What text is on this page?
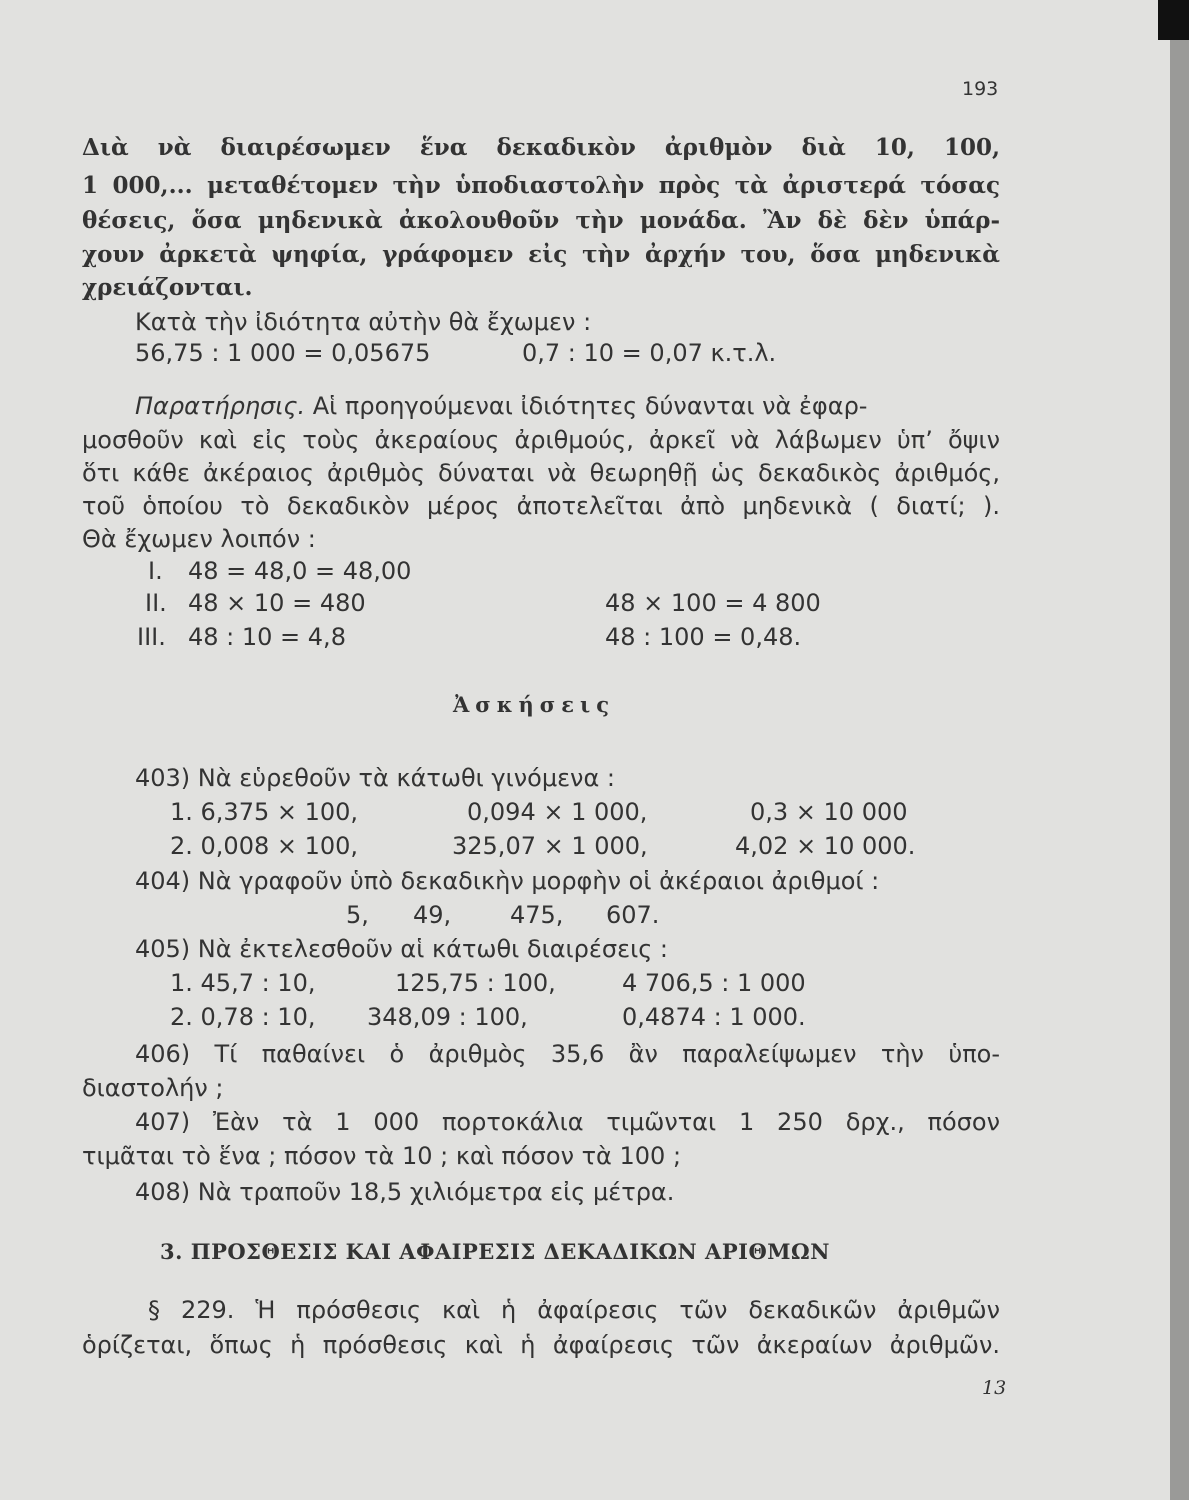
193
Διὰ νὰ διαιρέσωμεν ἕνα δεκαδικὸν ἀριθμὸν διὰ 10, 100,
1 000,... μεταθέτομεν τὴν ὑποδιαστολὴν πρὸς τὰ ἀριστερά τόσας
θέσεις, ὅσα μηδενικὰ ἀκολουθοῦν τὴν μονάδα. Ἂν δὲ δὲν ὑπάρ-
χουν ἀρκετὰ ψηφία, γράφομεν εἰς τὴν ἀρχήν του, ὅσα μηδενικὰ
χρειάζονται.
Κατὰ τὴν ἰδιότητα αὐτὴν θὰ ἔχωμεν :
56,75 : 1 000 = 0,05675	0,7 : 10 = 0,07 κ.τ.λ.
Παρατήρησις. Αἱ προηγούμεναι ἰδιότητες δύνανται νὰ ἐφαρ-
μοσθοῦν καὶ εἰς τοὺς ἀκεραίους ἀριθμούς, ἀρκεῖ νὰ λάβωμεν ὑπ’ ὄψιν
ὅτι κάθε ἀκέραιος ἀριθμὸς δύναται νὰ θεωρηθῇ ὡς δεκαδικὸς ἀριθμός,
τοῦ ὁποίου τὸ δεκαδικὸν μέρος ἀποτελεῖται ἀπὸ μηδενικὰ ( διατί; ).
Θὰ ἔχωμεν λοιπόν :
I. 48 = 48,0 = 48,00
II. 48 × 10 = 480	48 × 100 = 4 800
III. 48 : 10 = 4,8	48 : 100 = 0,48.
Ἀσκήσεις
403) Νὰ εὑρεθοῦν τὰ κάτωθι γινόμενα :
1. 6,375 × 100,	0,094 × 1 000,	0,3 × 10 000
2. 0,008 × 100,	325,07 × 1 000,	4,02 × 10 000.
404) Νὰ γραφοῦν ὑπὸ δεκαδικὴν μορφὴν οἱ ἀκέραιοι ἀριθμοί :
5, 49, 475, 607.
405) Νὰ ἐκτελεσθοῦν αἱ κάτωθι διαιρέσεις :
1. 45,7 : 10,	125,75 : 100,	4 706,5 : 1 000
2. 0,78 : 10, 348,09 : 100,	0,4874 : 1 000.
406) Τί παθαίνει ὁ ἀριθμὸς 35,6 ἂν παραλείψωμεν τὴν ὑπο-
διαστολήν ;
407) Ἐὰν τὰ 1 000 πορτοκάλια τιμῶνται 1 250 δρχ., πόσον
τιμᾶται τὸ ἕνα ; πόσον τὰ 10 ; καὶ πόσον τὰ 100 ;
408) Νὰ τραποῦν 18,5 χιλιόμετρα εἰς μέτρα.
3. ΠΡΟΣΘΕΣΙΣ ΚΑΙ ΑΦΑΙΡΕΣΙΣ ΔΕΚΑΔΙΚΩΝ ΑΡΙΘΜΩΝ
§ 229. Ἡ πρόσθεσις καὶ ἡ ἀφαίρεσις τῶν δεκαδικῶν ἀριθμῶν
ὁρίζεται, ὅπως ἡ πρόσθεσις καὶ ἡ ἀφαίρεσις τῶν ἀκεραίων ἀριθμῶν.
13
